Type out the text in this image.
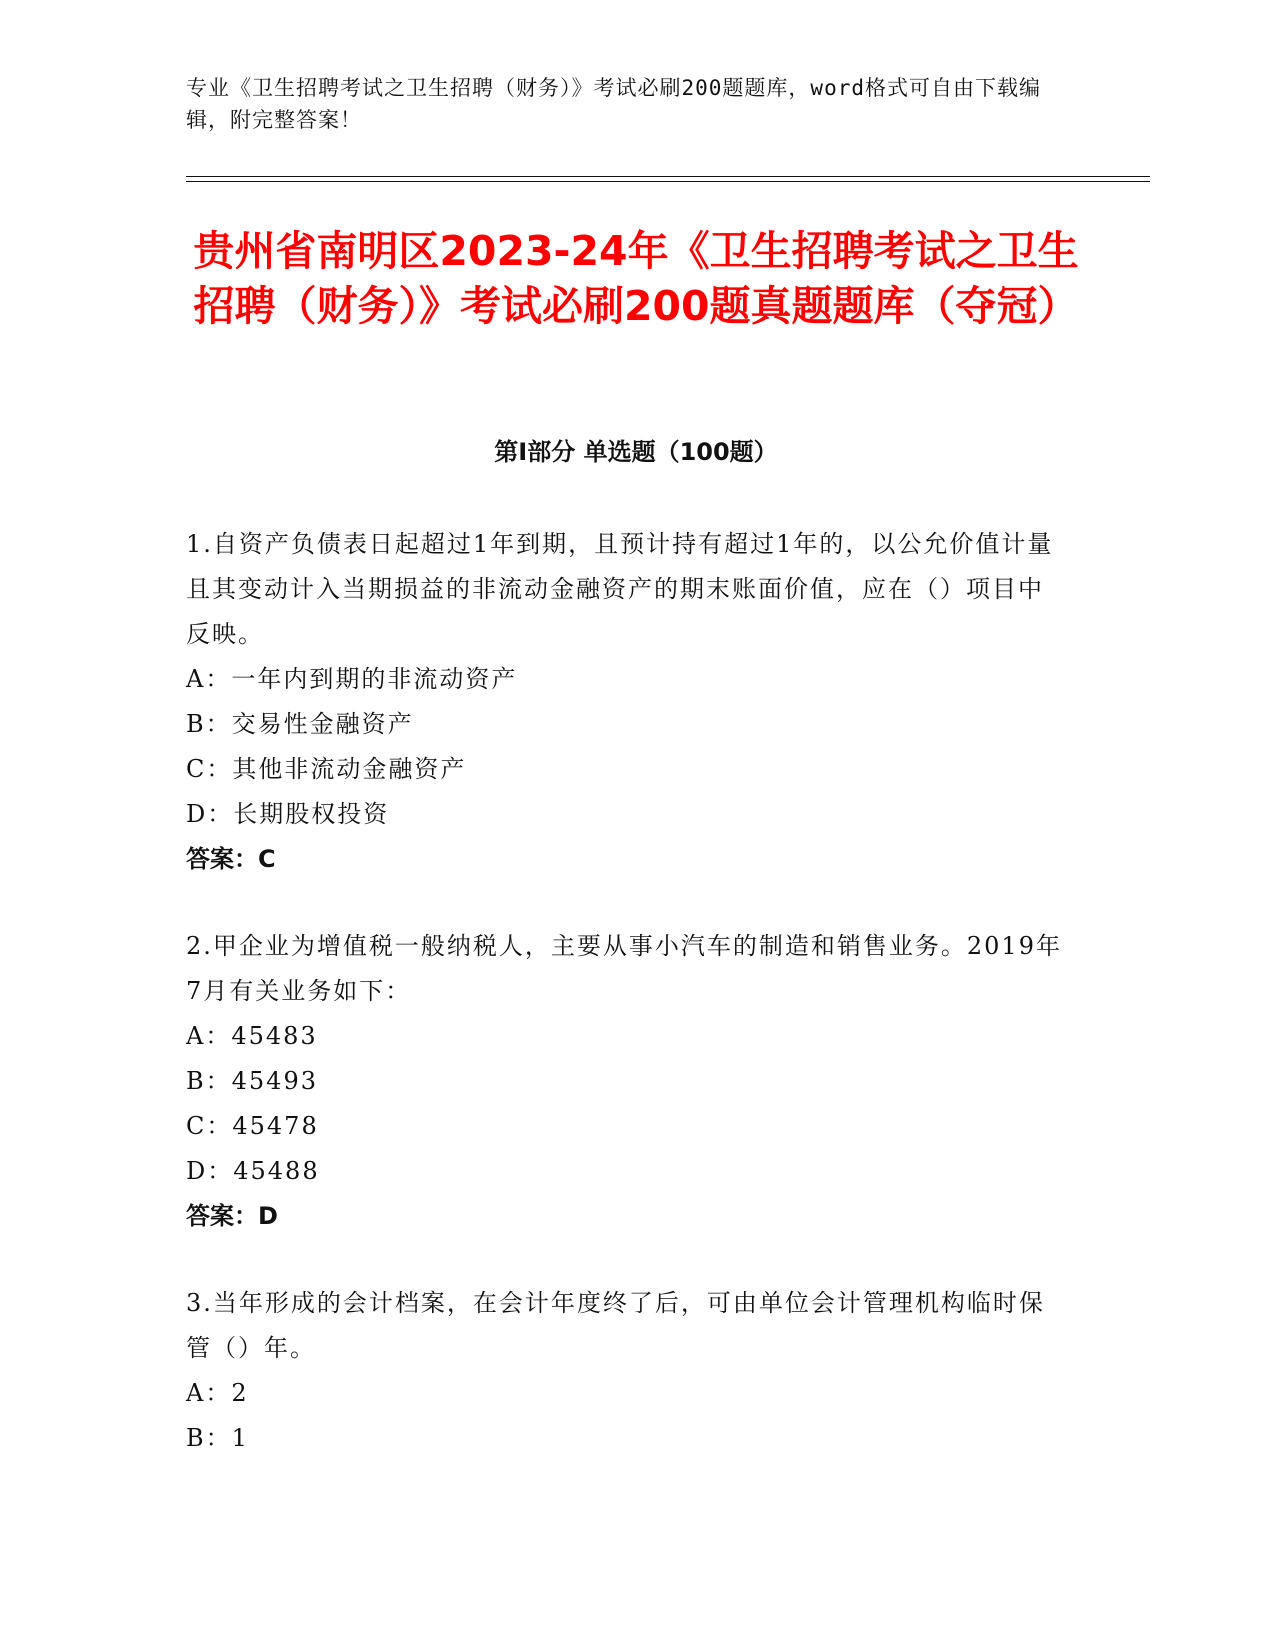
专业《卫生招聘考试之卫生招聘（财务）》考试必刷200题题库，word格式可自由下载编辑，附完整答案！
贵州省南明区2023-24年《卫生招聘考试之卫生招聘（财务）》考试必刷200题真题题库（夺冠）
第Ⅰ部分 单选题（100题）

1.自资产负债表日起超过1年到期，且预计持有超过1年的，以公允价值计量且其变动计入当期损益的非流动金融资产的期末账面价值，应在（）项目中反映。

A：一年内到期的非流动资产

B：交易性金融资产

C：其他非流动金融资产

D：长期股权投资

答案：C

2.甲企业为增值税一般纳税人，主要从事小汽车的制造和销售业务。2019年7月有关业务如下：

A：45483

B：45493

C：45478

D：45488

答案：D

3.当年形成的会计档案，在会计年度终了后，可由单位会计管理机构临时保管（）年。

A：2

B：1
